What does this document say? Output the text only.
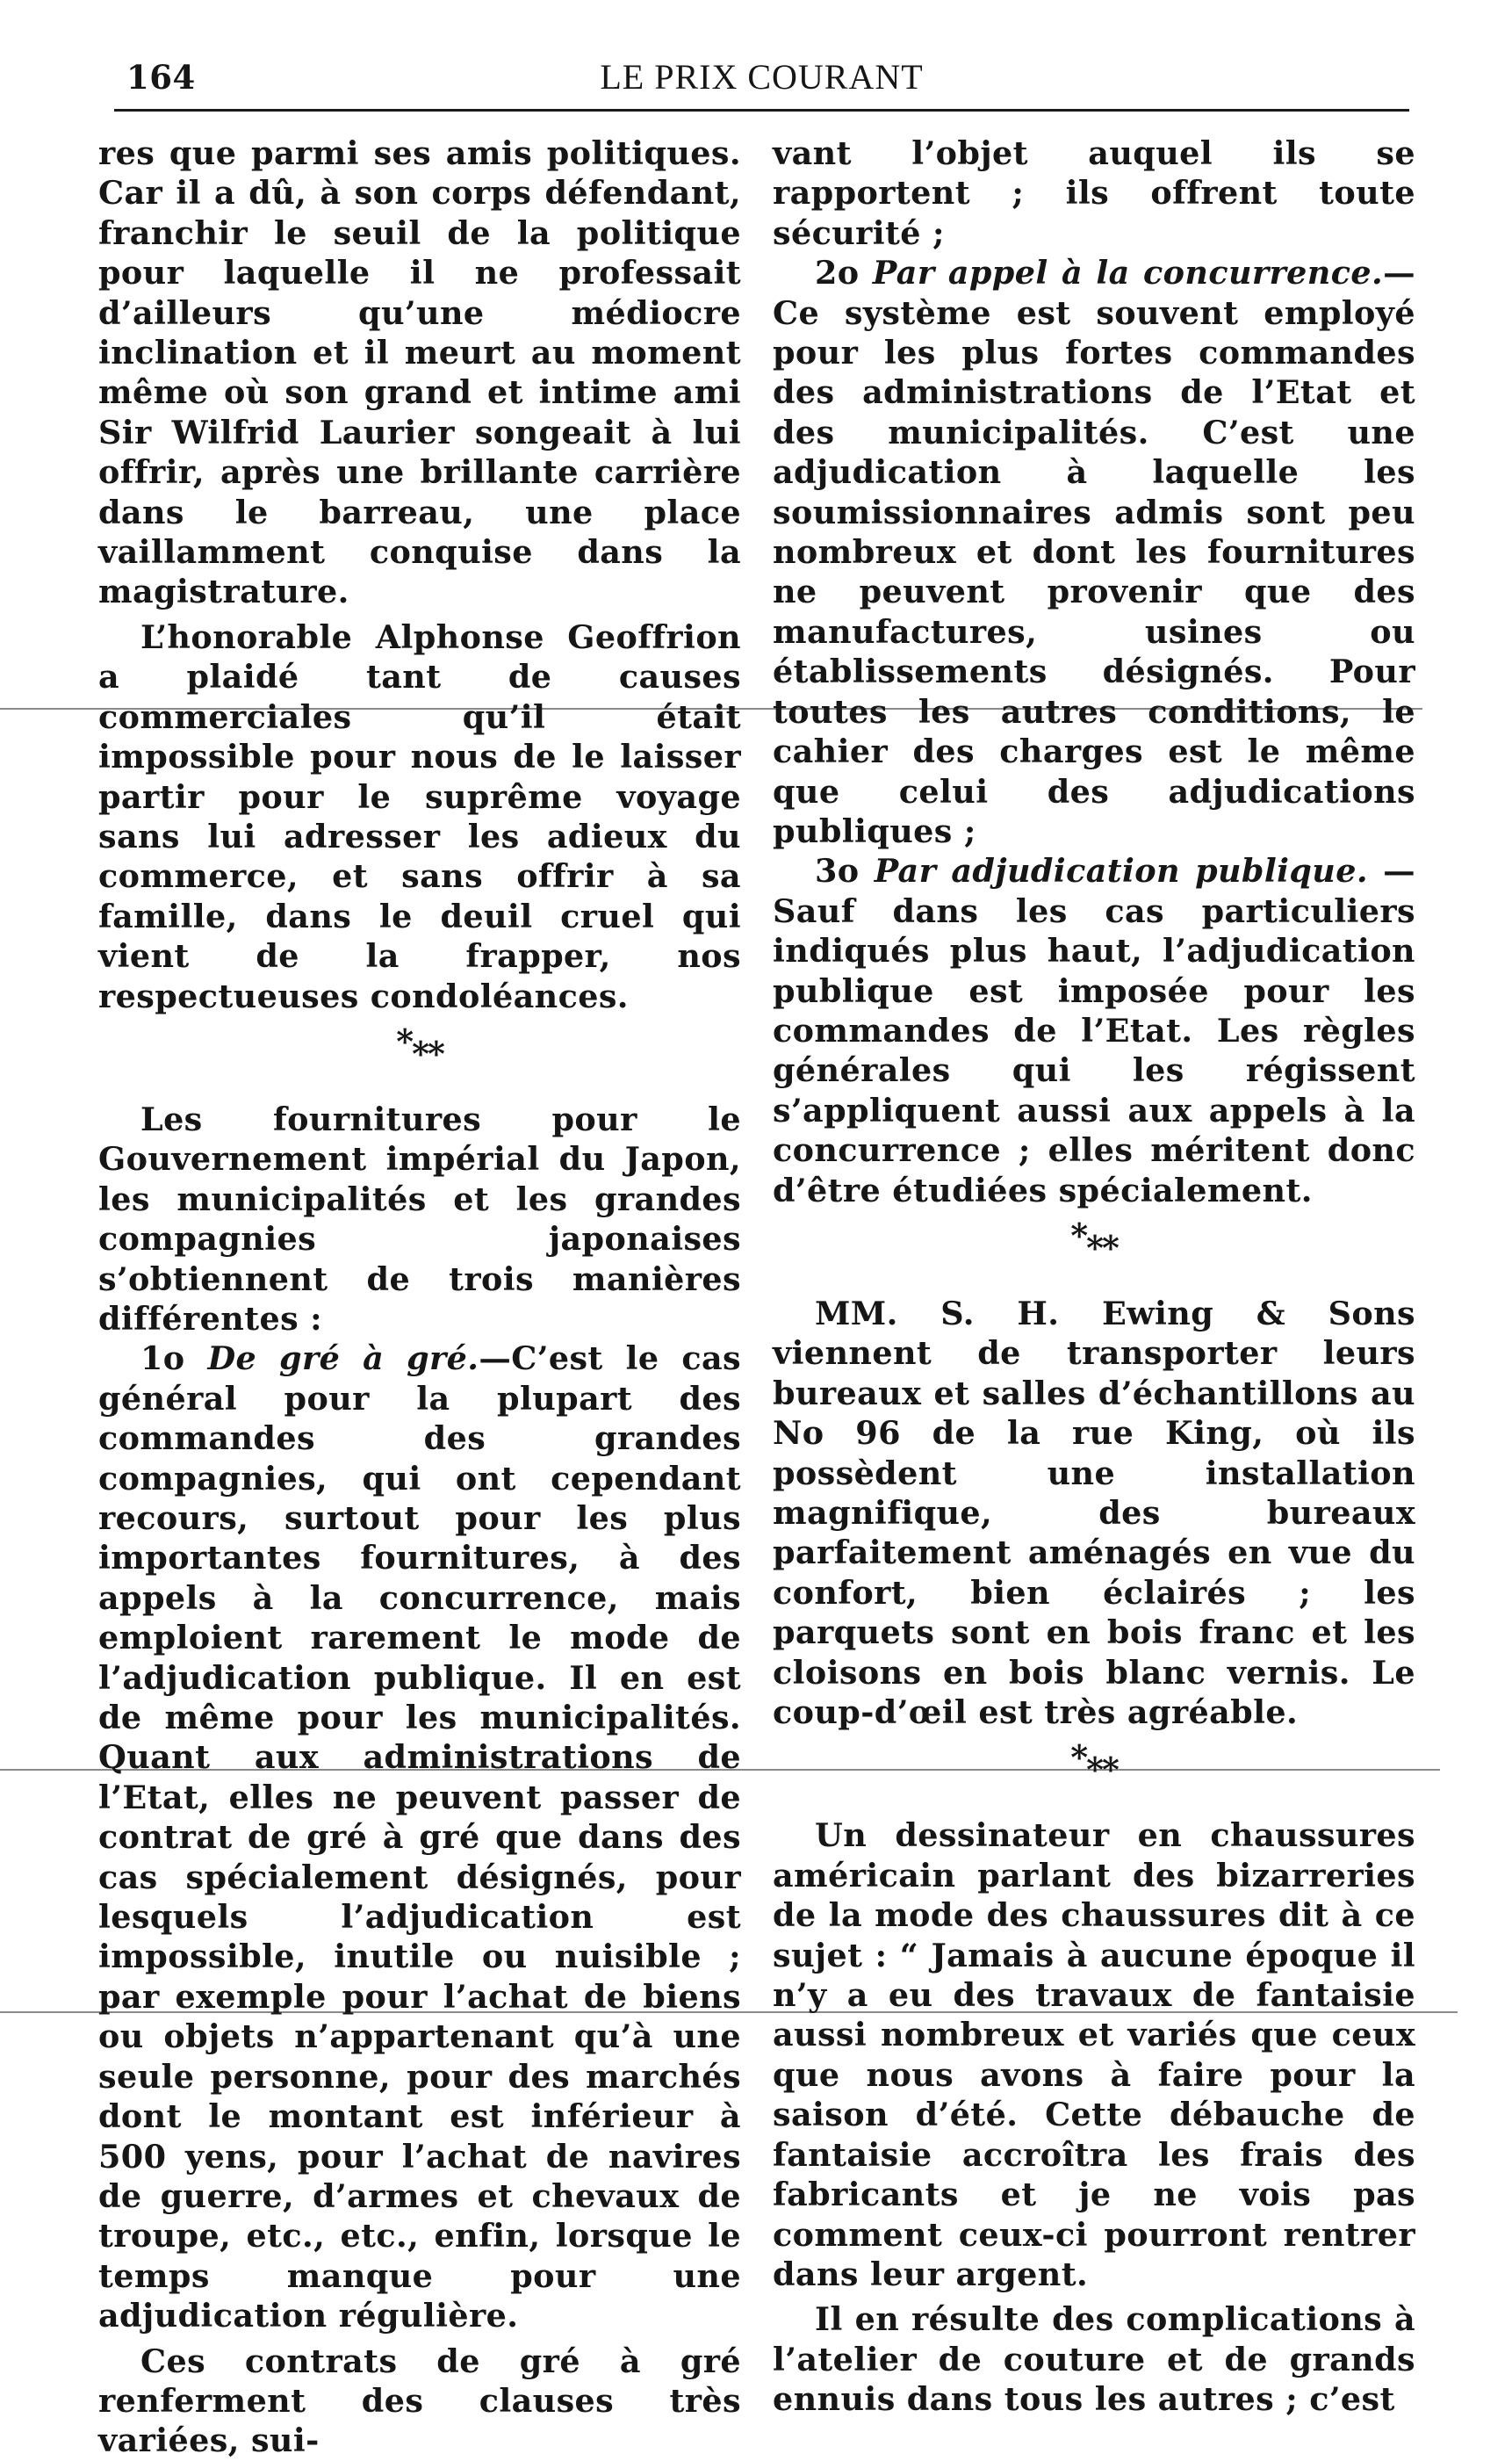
164	LE PRIX COURANT

res que parmi ses amis politiques. Car il a dû, à son corps défendant, franchir le seuil de la politique pour laquelle il ne professait d’ailleurs qu’une médiocre inclination et il meurt au moment même où son grand et intime ami Sir Wilfrid Laurier songeait à lui offrir, après une brillante carrière dans le barreau, une place vaillamment conquise dans la magistrature.

L’honorable Alphonse Geoffrion a plaidé tant de causes commerciales qu’il était impossible pour nous de le laisser partir pour le suprême voyage sans lui adresser les adieux du commerce, et sans offrir à sa famille, dans le deuil cruel qui vient de la frapper, nos respectueuses condoléances.

***

Les fournitures pour le Gouvernement impérial du Japon, les municipalités et les grandes compagnies japonaises s’obtiennent de trois manières différentes :

1o De gré à gré.—C’est le cas général pour la plupart des commandes des grandes compagnies, qui ont cependant recours, surtout pour les plus importantes fournitures, à des appels à la concurrence, mais emploient rarement le mode de l’adjudication publique. Il en est de même pour les municipalités. Quant aux administrations de l’Etat, elles ne peuvent passer de contrat de gré à gré que dans des cas spécialement désignés, pour lesquels l’adjudication est impossible, inutile ou nuisible ; par exemple pour l’achat de biens ou objets n’appartenant qu’à une seule personne, pour des marchés dont le montant est inférieur à 500 yens, pour l’achat de navires de guerre, d’armes et chevaux de troupe, etc., etc., enfin, lorsque le temps manque pour une adjudication régulière.

Ces contrats de gré à gré renferment des clauses très variées, sui-

vant l’objet auquel ils se rapportent ; ils offrent toute sécurité ;

2o Par appel à la concurrence.—Ce système est souvent employé pour les plus fortes commandes des administrations de l’Etat et des municipalités. C’est une adjudication à laquelle les soumissionnaires admis sont peu nombreux et dont les fournitures ne peuvent provenir que des manufactures, usines ou établissements désignés. Pour toutes les autres conditions, le cahier des charges est le même que celui des adjudications publiques ;

3o Par adjudication publique. — Sauf dans les cas particuliers indiqués plus haut, l’adjudication publique est imposée pour les commandes de l’Etat. Les règles générales qui les régissent s’appliquent aussi aux appels à la concurrence ; elles méritent donc d’être étudiées spécialement.

***

MM. S. H. Ewing & Sons viennent de transporter leurs bureaux et salles d’échantillons au No 96 de la rue King, où ils possèdent une installation magnifique, des bureaux parfaitement aménagés en vue du confort, bien éclairés ; les parquets sont en bois franc et les cloisons en bois blanc vernis. Le coup-d’œil est très agréable.

***

Un dessinateur en chaussures américain parlant des bizarreries de la mode des chaussures dit à ce sujet : “ Jamais à aucune époque il n’y a eu des travaux de fantaisie aussi nombreux et variés que ceux que nous avons à faire pour la saison d’été. Cette débauche de fantaisie accroîtra les frais des fabricants et je ne vois pas comment ceux-ci pourront rentrer dans leur argent.

Il en résulte des complications à l’atelier de couture et de grands ennuis dans tous les autres ; c’est
